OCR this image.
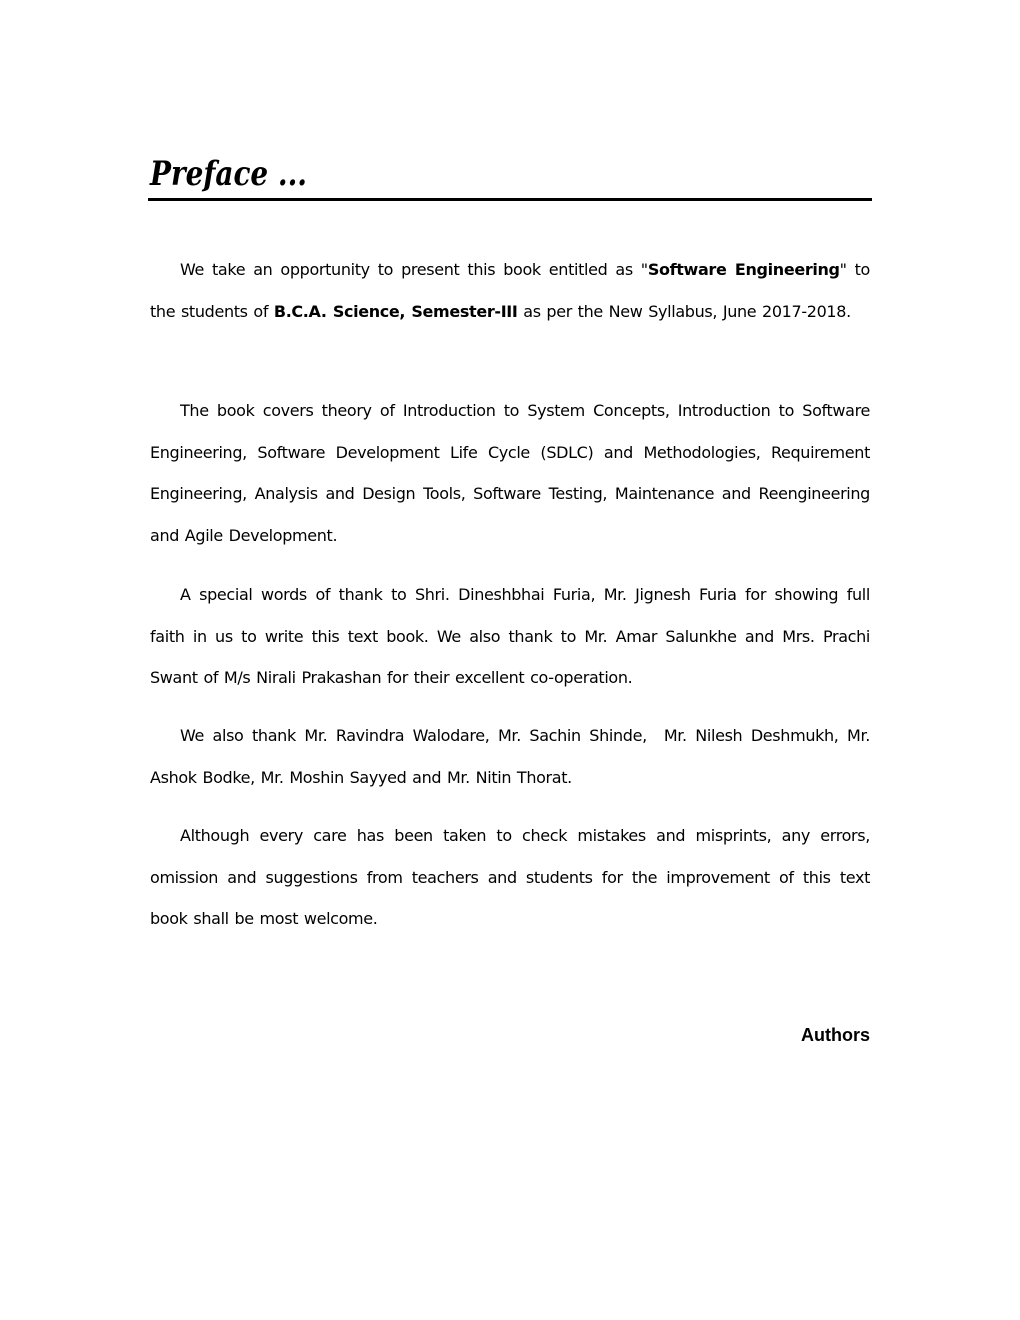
Preface ...

We take an opportunity to present this book entitled as "Software Engineering" to the students of B.C.A. Science, Semester-III as per the New Syllabus, June 2017-2018.

The book covers theory of Introduction to System Concepts, Introduction to Software Engineering, Software Development Life Cycle (SDLC) and Methodologies, Requirement Engineering, Analysis and Design Tools, Software Testing, Maintenance and Reengineering and Agile Development.

A special words of thank to Shri. Dineshbhai Furia, Mr. Jignesh Furia for showing full faith in us to write this text book. We also thank to Mr. Amar Salunkhe and Mrs. Prachi Swant of M/s Nirali Prakashan for their excellent co-operation.

We also thank Mr. Ravindra Walodare, Mr. Sachin Shinde,  Mr. Nilesh Deshmukh, Mr. Ashok Bodke, Mr. Moshin Sayyed and Mr. Nitin Thorat.

Although every care has been taken to check mistakes and misprints, any errors, omission and suggestions from teachers and students for the improvement of this text book shall be most welcome.

Authors
